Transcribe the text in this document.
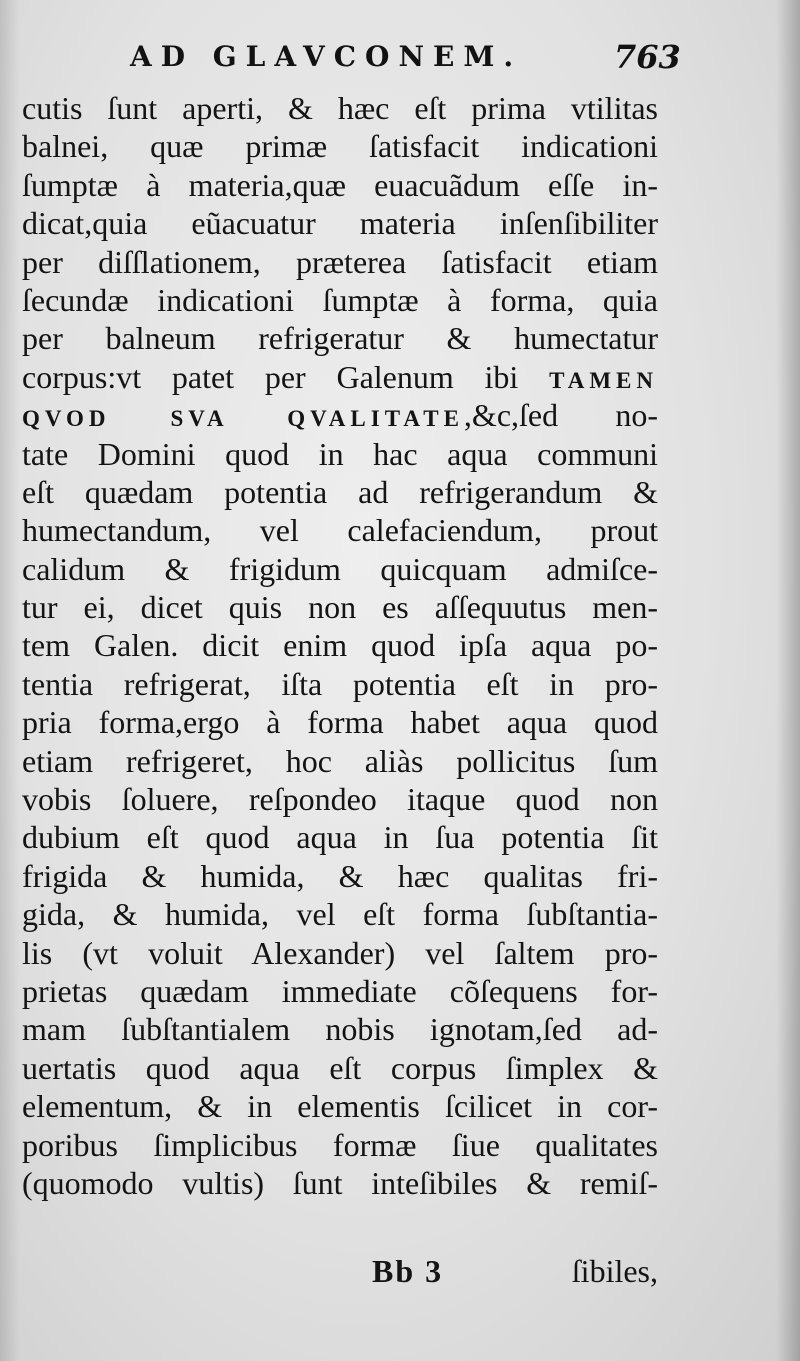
AD GLAVCONEM.	763
cutis ſunt aperti, & hæc eſt prima vtilitas
balnei, quæ primæ ſatisfacit indicationi
ſumptæ à materia,quæ euacuãdum eſſe in-
dicat,quia eũacuatur materia inſenſibiliter
per diſſlationem, præterea ſatisfacit etiam
ſecundæ indicationi ſumptæ à forma, quia
per balneum refrigeratur & humectatur
corpus:vt patet per Galenum ibi TAMEN
QVOD SVA QVALITATE,&c,ſed no-
tate Domini quod in hac aqua communi
eſt quædam potentia ad refrigerandum &
humectandum, vel calefaciendum, prout
calidum & frigidum quicquam admiſce-
tur ei, dicet quis non es aſſequutus men-
tem Galen. dicit enim quod ipſa aqua po-
tentia refrigerat, iſta potentia eſt in pro-
pria forma,ergo à forma habet aqua quod
etiam refrigeret, hoc aliàs pollicitus ſum
vobis ſoluere, reſpondeo itaque quod non
dubium eſt quod aqua in ſua potentia ſit
frigida & humida, & hæc qualitas fri-
gida, & humida, vel eſt forma ſubſtantia-
lis (vt voluit Alexander) vel ſaltem pro-
prietas quædam immediate cõſequens for-
mam ſubſtantialem nobis ignotam,ſed ad-
uertatis quod aqua eſt corpus ſimplex &
elementum, & in elementis ſcilicet in cor-
poribus ſimplicibus formæ ſiue qualitates
(quomodo vultis) ſunt inteſibiles & remiſ-
Bb 3	ſibiles,
